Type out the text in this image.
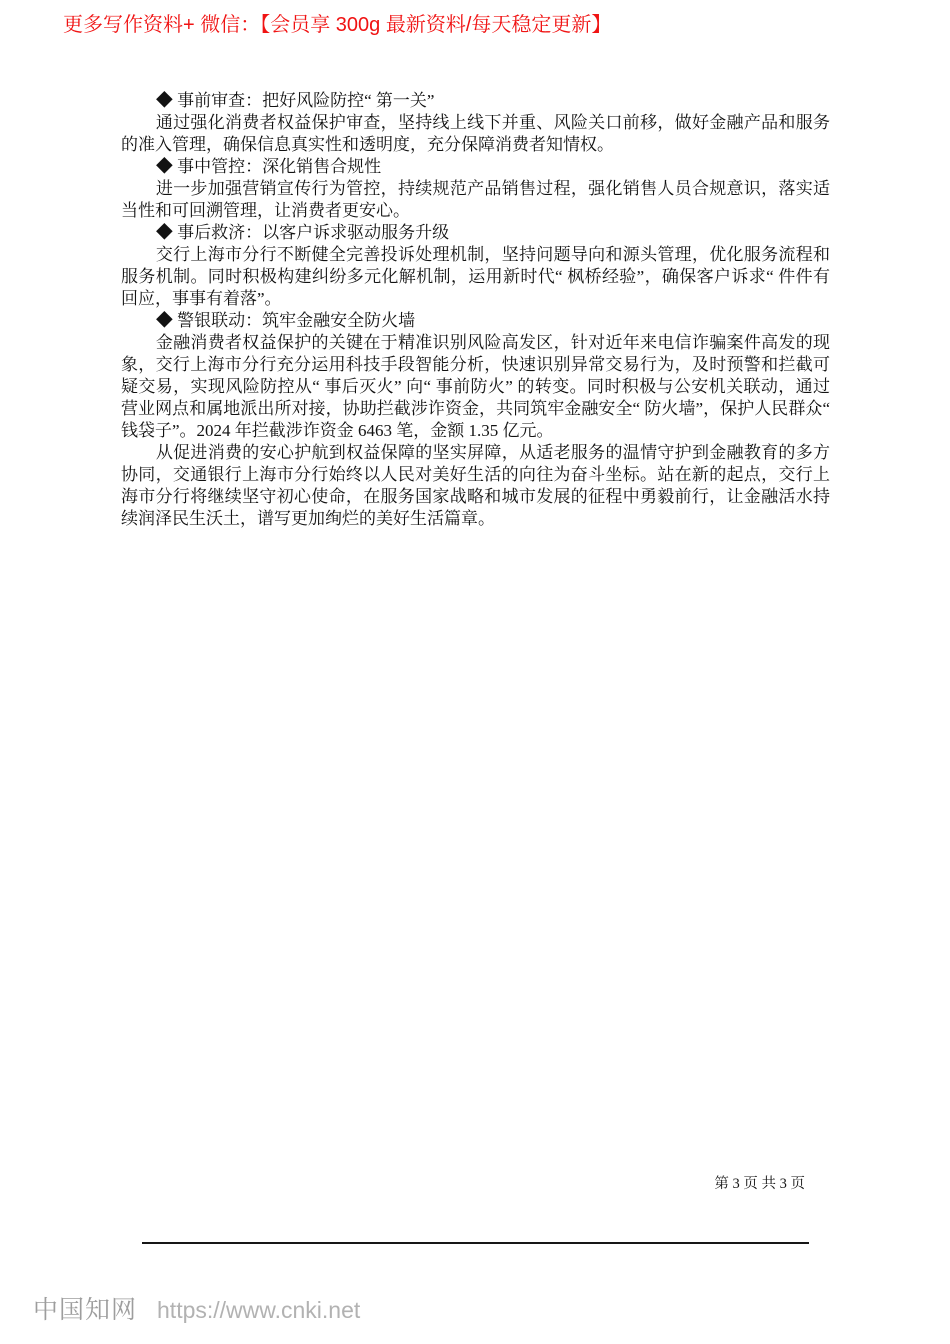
更多写作资料+ 微信：【会员享 300g 最新资料/每天稳定更新】

◆ 事前审查：把好风险防控“ 第一关”

通过强化消费者权益保护审查，坚持线上线下并重、风险关口前移，做好金融产品和服务的准入管理，确保信息真实性和透明度，充分保障消费者知情权。

◆ 事中管控：深化销售合规性

进一步加强营销宣传行为管控，持续规范产品销售过程，强化销售人员合规意识，落实适当性和可回溯管理，让消费者更安心。

◆ 事后救济：以客户诉求驱动服务升级

交行上海市分行不断健全完善投诉处理机制，坚持问题导向和源头管理，优化服务流程和服务机制。同时积极构建纠纷多元化解机制，运用新时代“ 枫桥经验”，确保客户诉求“ 件件有回应，事事有着落”。

◆ 警银联动：筑牢金融安全防火墙

金融消费者权益保护的关键在于精准识别风险高发区，针对近年来电信诈骗案件高发的现象，交行上海市分行充分运用科技手段智能分析，快速识别异常交易行为，及时预警和拦截可疑交易，实现风险防控从“ 事后灭火” 向“ 事前防火” 的转变。同时积极与公安机关联动，通过营业网点和属地派出所对接，协助拦截涉诈资金，共同筑牢金融安全“ 防火墙”，保护人民群众“ 钱袋子”。2024 年拦截涉诈资金 6463 笔，金额 1.35 亿元。

从促进消费的安心护航到权益保障的坚实屏障，从适老服务的温情守护到金融教育的多方协同，交通银行上海市分行始终以人民对美好生活的向往为奋斗坐标。站在新的起点，交行上海市分行将继续坚守初心使命，在服务国家战略和城市发展的征程中勇毅前行，让金融活水持续润泽民生沃土，谱写更加绚烂的美好生活篇章。

第 3 页 共 3 页
中国知网 https://www.cnki.net
